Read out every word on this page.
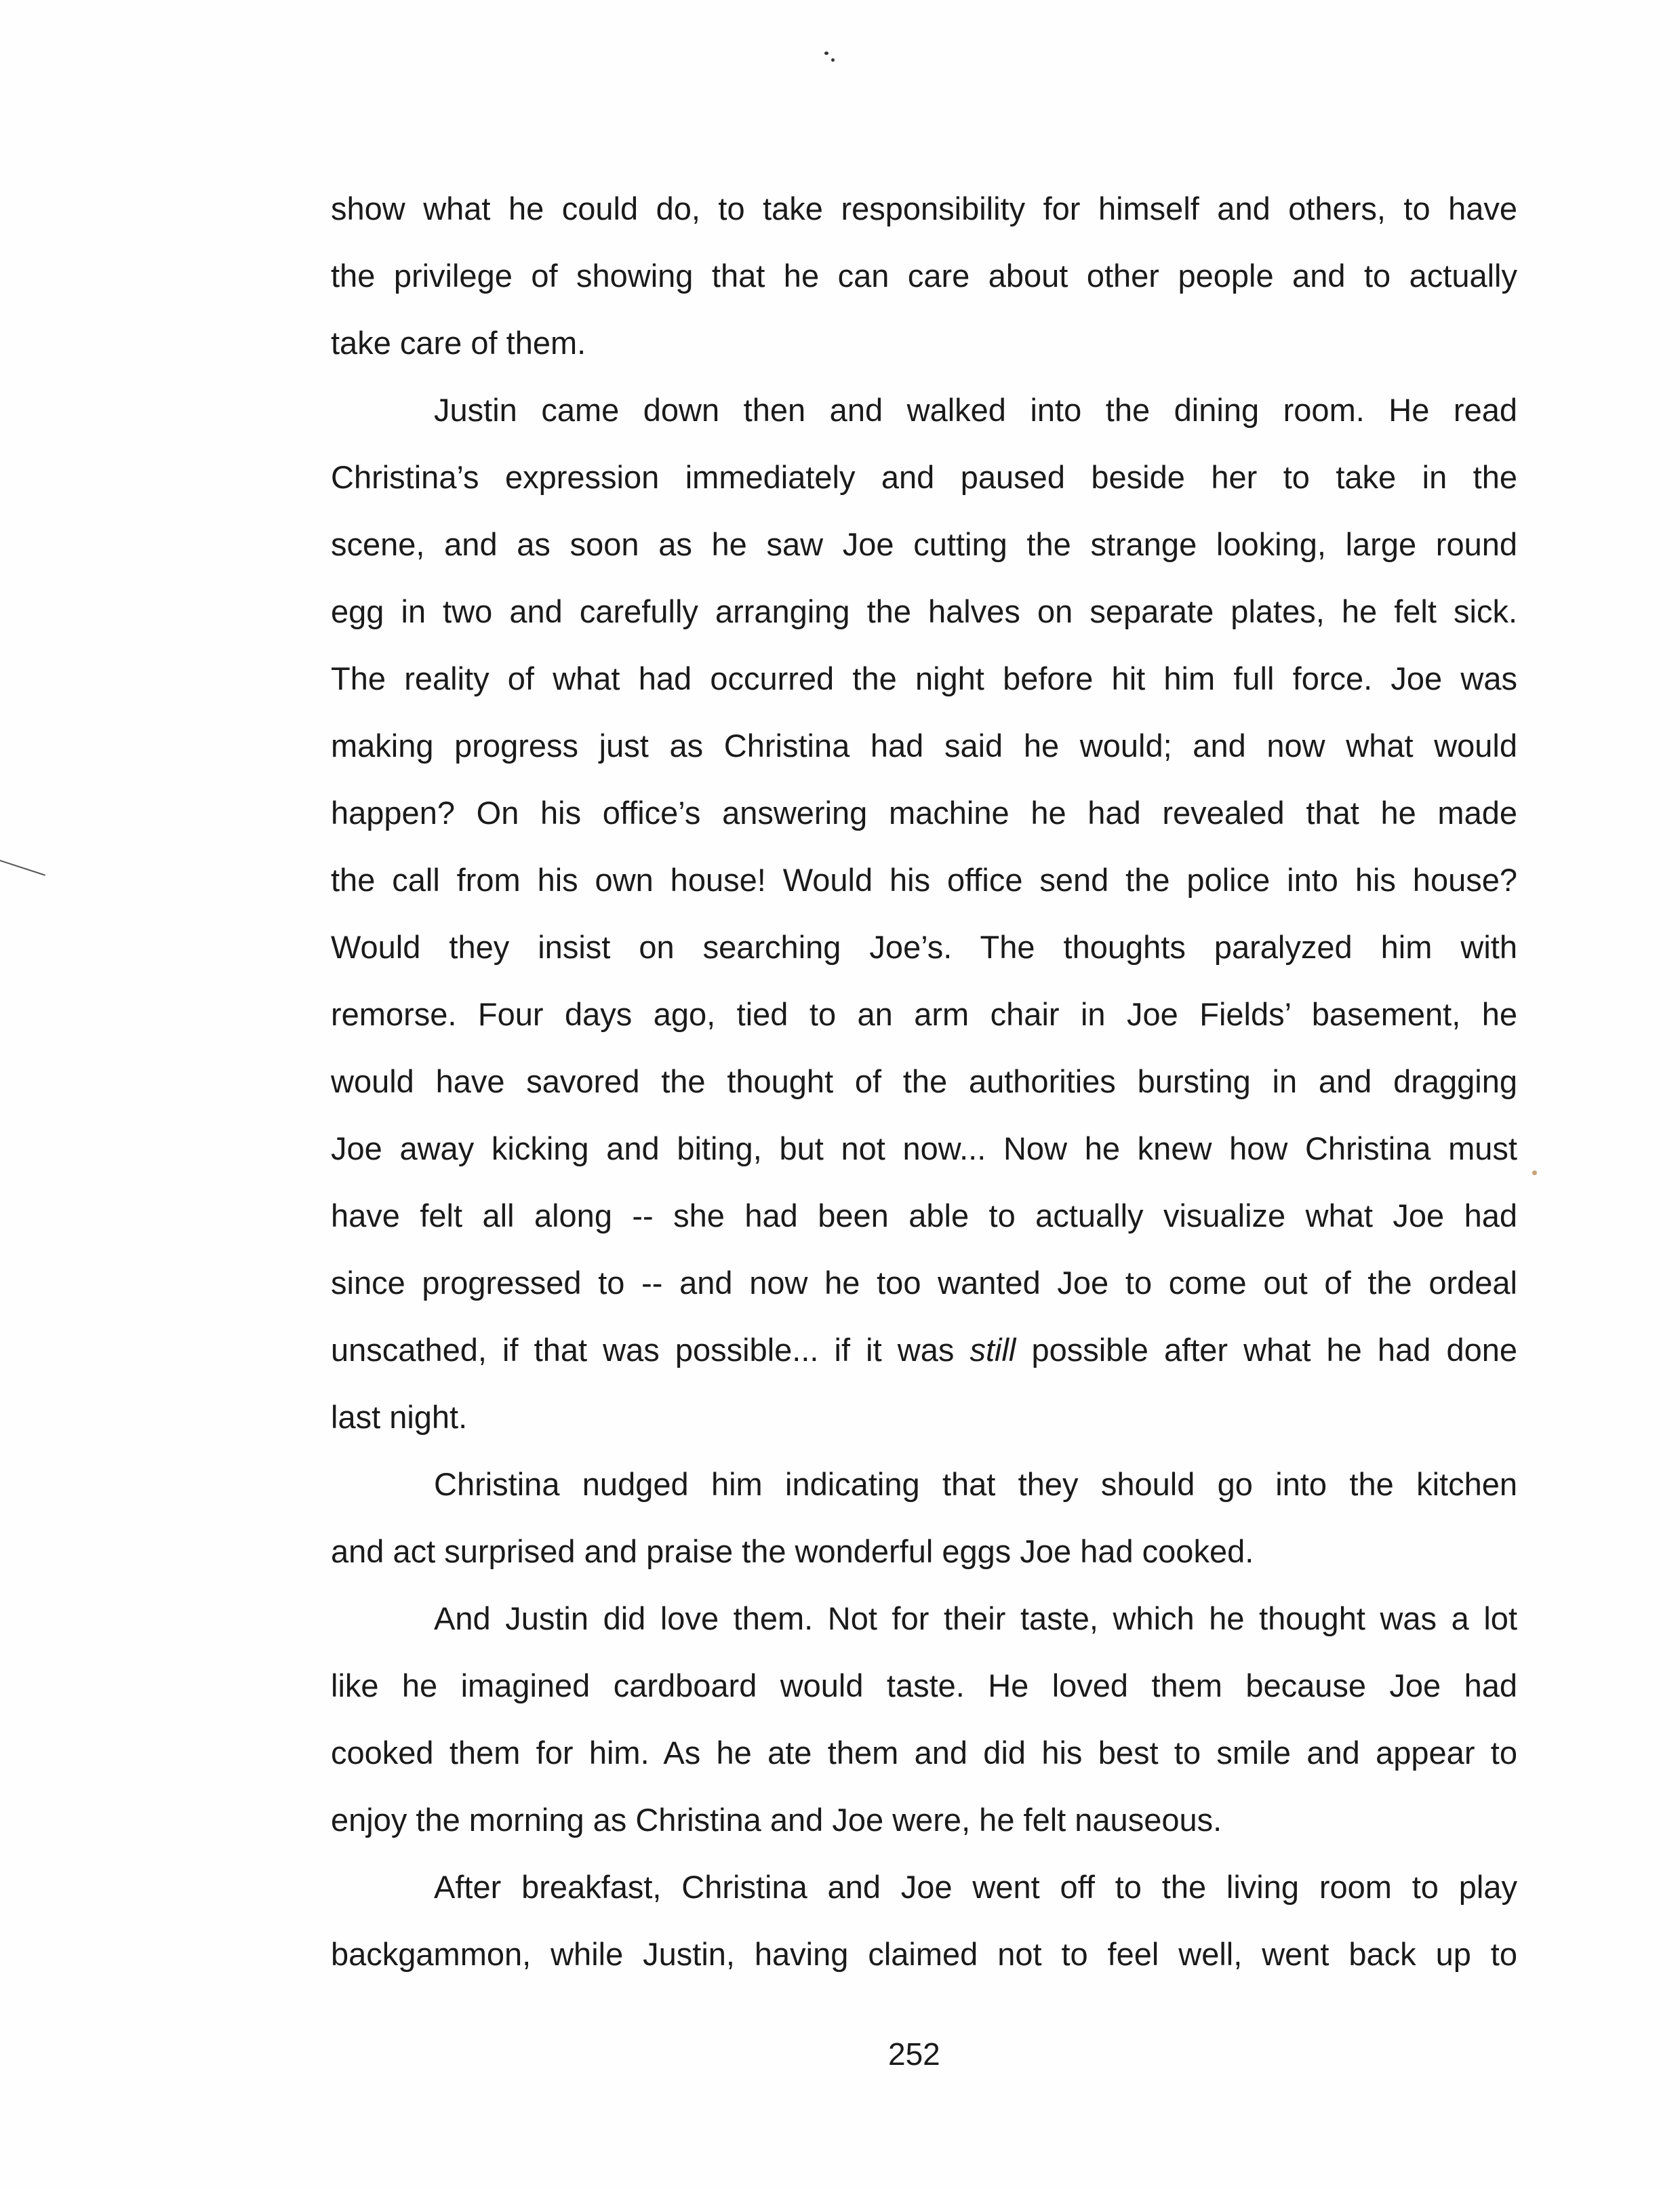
show what he could do, to take responsibility for himself and others, to have
the privilege of showing that he can care about other people and to actually
take care of them.
Justin came down then and walked into the dining room. He read
Christina’s expression immediately and paused beside her to take in the
scene, and as soon as he saw Joe cutting the strange looking, large round
egg in two and carefully arranging the halves on separate plates, he felt sick.
The reality of what had occurred the night before hit him full force. Joe was
making progress just as Christina had said he would; and now what would
happen? On his office’s answering machine he had revealed that he made
the call from his own house! Would his office send the police into his house?
Would they insist on searching Joe’s. The thoughts paralyzed him with
remorse. Four days ago, tied to an arm chair in Joe Fields’ basement, he
would have savored the thought of the authorities bursting in and dragging
Joe away kicking and biting, but not now... Now he knew how Christina must
have felt all along -- she had been able to actually visualize what Joe had
since progressed to -- and now he too wanted Joe to come out of the ordeal
unscathed, if that was possible... if it was still possible after what he had done
last night.
Christina nudged him indicating that they should go into the kitchen
and act surprised and praise the wonderful eggs Joe had cooked.
And Justin did love them. Not for their taste, which he thought was a lot
like he imagined cardboard would taste. He loved them because Joe had
cooked them for him. As he ate them and did his best to smile and appear to
enjoy the morning as Christina and Joe were, he felt nauseous.
After breakfast, Christina and Joe went off to the living room to play
backgammon, while Justin, having claimed not to feel well, went back up to
252
